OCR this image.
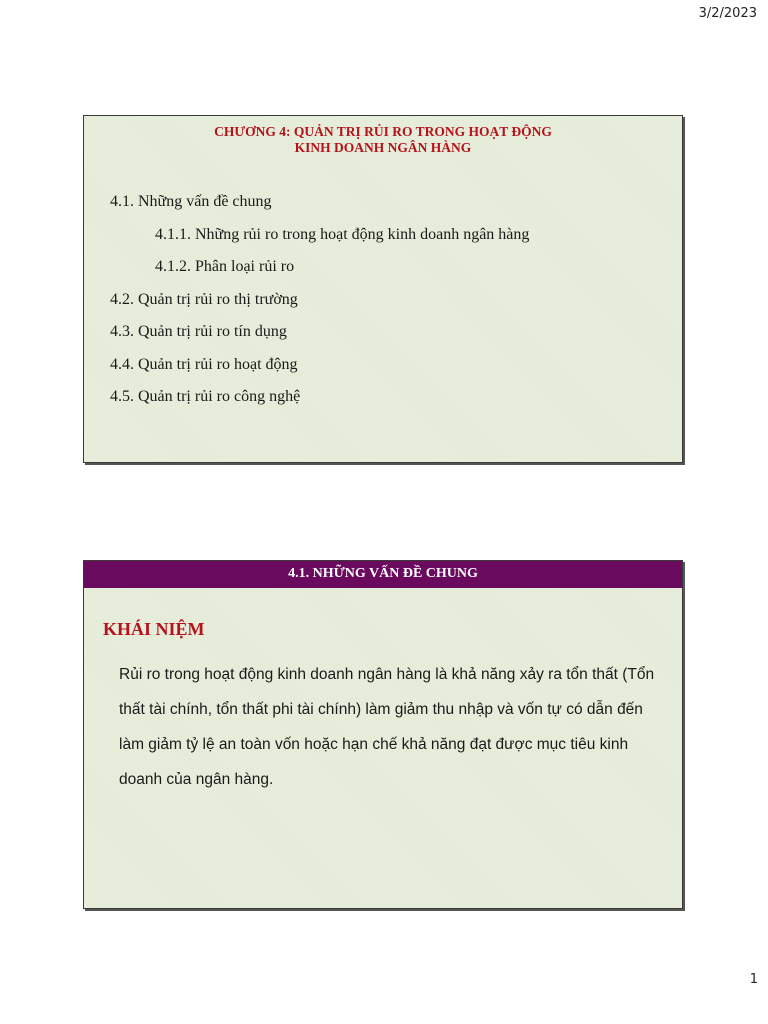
3/2/2023
CHƯƠNG 4: QUẢN TRỊ RỦI RO TRONG HOẠT ĐỘNG
KINH DOANH NGÂN HÀNG
4.1. Những vấn đề chung
4.1.1. Những rủi ro trong hoạt động kinh doanh ngân hàng
4.1.2. Phân loại rủi ro
4.2. Quản trị rủi ro thị trường
4.3. Quản trị rủi ro tín dụng
4.4. Quản trị rủi ro hoạt động
4.5. Quản trị rủi ro công nghệ
4.1. NHỮNG VẤN ĐỀ CHUNG
KHÁI NIỆM

Rủi ro trong hoạt động kinh doanh ngân hàng là khả năng xảy ra tổn thất (Tổn thất tài chính, tổn thất phi tài chính) làm giảm thu nhập và vốn tự có dẫn đến làm giảm tỷ lệ an toàn vốn hoặc hạn chế khả năng đạt được mục tiêu kinh doanh của ngân hàng.

1
